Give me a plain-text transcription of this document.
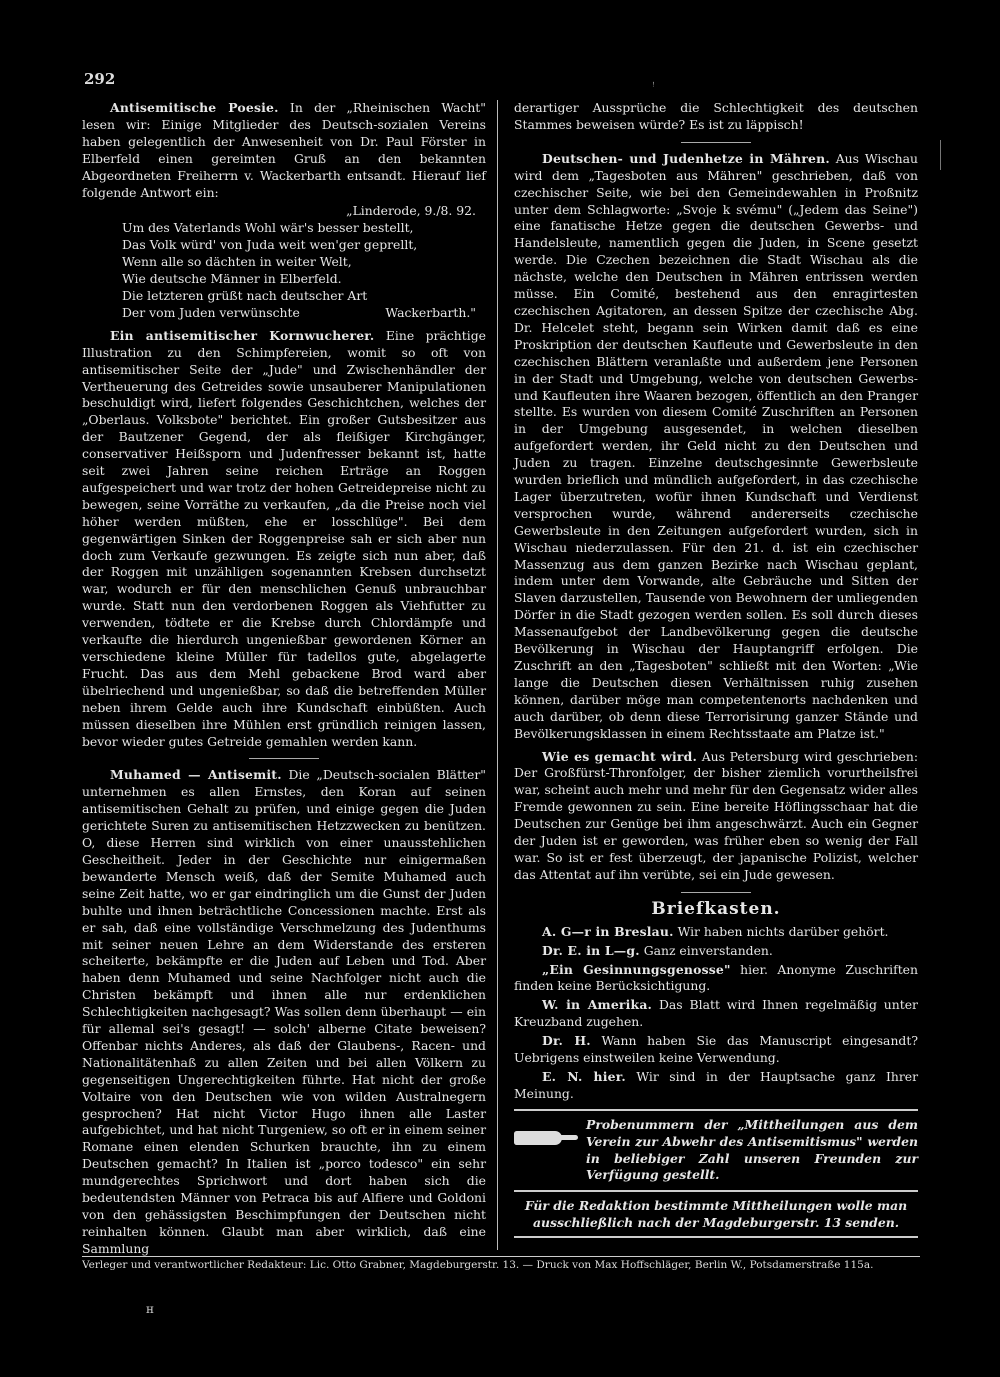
292	ꜝ

Antisemitische Poesie. In der „Rheinischen Wacht" lesen wir: Einige Mitglieder des Deutsch-sozialen Vereins haben gelegentlich der Anwesenheit von Dr. Paul Förster in Elberfeld einen gereimten Gruß an den bekannten Abgeordneten Freiherrn v. Wackerbarth entsandt. Hierauf lief folgende Antwort ein:

„Linderode, 9./8. 92.
Um des Vaterlands Wohl wär's besser bestellt,
Das Volk würd' von Juda weit wen'ger geprellt,
Wenn alle so dächten in weiter Welt,
Wie deutsche Männer in Elberfeld.
Die letzteren grüßt nach deutscher Art
Der vom Juden verwünschte	Wackerbarth."

Ein antisemitischer Kornwucherer. Eine prächtige Illustration zu den Schimpfereien, womit so oft von antisemitischer Seite der „Jude" und Zwischenhändler der Vertheuerung des Getreides sowie unsauberer Manipulationen beschuldigt wird, liefert folgendes Geschichtchen, welches der „Oberlaus. Volksbote" berichtet. Ein großer Gutsbesitzer aus der Bautzener Gegend, der als fleißiger Kirchgänger, conservativer Heißsporn und Judenfresser bekannt ist, hatte seit zwei Jahren seine reichen Erträge an Roggen aufgespeichert und war trotz der hohen Getreidepreise nicht zu bewegen, seine Vorräthe zu verkaufen, „da die Preise noch viel höher werden müßten, ehe er losschlüge". Bei dem gegenwärtigen Sinken der Roggenpreise sah er sich aber nun doch zum Verkaufe gezwungen. Es zeigte sich nun aber, daß der Roggen mit unzähligen sogenannten Krebsen durchsetzt war, wodurch er für den menschlichen Genuß unbrauchbar wurde. Statt nun den verdorbenen Roggen als Viehfutter zu verwenden, tödtete er die Krebse durch Chlordämpfe und verkaufte die hierdurch ungenießbar gewordenen Körner an verschiedene kleine Müller für tadellos gute, abgelagerte Frucht. Das aus dem Mehl gebackene Brod ward aber übelriechend und ungenießbar, so daß die betreffenden Müller neben ihrem Gelde auch ihre Kundschaft einbüßten. Auch müssen dieselben ihre Mühlen erst gründlich reinigen lassen, bevor wieder gutes Getreide gemahlen werden kann.

Muhamed — Antisemit. Die „Deutsch-socialen Blätter" unternehmen es allen Ernstes, den Koran auf seinen antisemitischen Gehalt zu prüfen, und einige gegen die Juden gerichtete Suren zu antisemitischen Hetzzwecken zu benützen. O, diese Herren sind wirklich von einer unausstehlichen Gescheitheit. Jeder in der Geschichte nur einigermaßen bewanderte Mensch weiß, daß der Semite Muhamed auch seine Zeit hatte, wo er gar eindringlich um die Gunst der Juden buhlte und ihnen beträchtliche Concessionen machte. Erst als er sah, daß eine vollständige Verschmelzung des Judenthums mit seiner neuen Lehre an dem Widerstande des ersteren scheiterte, bekämpfte er die Juden auf Leben und Tod. Aber haben denn Muhamed und seine Nachfolger nicht auch die Christen bekämpft und ihnen alle nur erdenklichen Schlechtigkeiten nachgesagt? Was sollen denn überhaupt — ein für allemal sei's gesagt! — solch' alberne Citate beweisen? Offenbar nichts Anderes, als daß der Glaubens-, Racen- und Nationalitätenhaß zu allen Zeiten und bei allen Völkern zu gegenseitigen Ungerechtigkeiten führte. Hat nicht der große Voltaire von den Deutschen wie von wilden Australnegern gesprochen? Hat nicht Victor Hugo ihnen alle Laster aufgebichtet, und hat nicht Turgeniew, so oft er in einem seiner Romane einen elenden Schurken brauchte, ihn zu einem Deutschen gemacht? In Italien ist „porco todesco" ein sehr mundgerechtes Sprichwort und dort haben sich die bedeutendsten Männer von Petraca bis auf Alfiere und Goldoni von den gehässigsten Beschimpfungen der Deutschen nicht reinhalten können. Glaubt man aber wirklich, daß eine Sammlung

derartiger Aussprüche die Schlechtigkeit des deutschen Stammes beweisen würde? Es ist zu läppisch!

Deutschen- und Judenhetze in Mähren. Aus Wischau wird dem „Tagesboten aus Mähren" geschrieben, daß von czechischer Seite, wie bei den Gemeindewahlen in Proßnitz unter dem Schlagworte: „Svoje k svému" („Jedem das Seine") eine fanatische Hetze gegen die deutschen Gewerbs- und Handelsleute, namentlich gegen die Juden, in Scene gesetzt werde. Die Czechen bezeichnen die Stadt Wischau als die nächste, welche den Deutschen in Mähren entrissen werden müsse. Ein Comité, bestehend aus den enragirtesten czechischen Agitatoren, an dessen Spitze der czechische Abg. Dr. Helcelet steht, begann sein Wirken damit daß es eine Proskription der deutschen Kaufleute und Gewerbsleute in den czechischen Blättern veranlaßte und außerdem jene Personen in der Stadt und Umgebung, welche von deutschen Gewerbs- und Kaufleuten ihre Waaren bezogen, öffentlich an den Pranger stellte. Es wurden von diesem Comité Zuschriften an Personen in der Umgebung ausgesendet, in welchen dieselben aufgefordert werden, ihr Geld nicht zu den Deutschen und Juden zu tragen. Einzelne deutschgesinnte Gewerbsleute wurden brieflich und mündlich aufgefordert, in das czechische Lager überzutreten, wofür ihnen Kundschaft und Verdienst versprochen wurde, während andererseits czechische Gewerbsleute in den Zeitungen aufgefordert wurden, sich in Wischau niederzulassen. Für den 21. d. ist ein czechischer Massenzug aus dem ganzen Bezirke nach Wischau geplant, indem unter dem Vorwande, alte Gebräuche und Sitten der Slaven darzustellen, Tausende von Bewohnern der umliegenden Dörfer in die Stadt gezogen werden sollen. Es soll durch dieses Massenaufgebot der Landbevölkerung gegen die deutsche Bevölkerung in Wischau der Hauptangriff erfolgen. Die Zuschrift an den „Tagesboten" schließt mit den Worten: „Wie lange die Deutschen diesen Verhältnissen ruhig zusehen können, darüber möge man competentenorts nachdenken und auch darüber, ob denn diese Terrorisirung ganzer Stände und Bevölkerungsklassen in einem Rechtsstaate am Platze ist."

Wie es gemacht wird. Aus Petersburg wird geschrieben: Der Großfürst-Thronfolger, der bisher ziemlich vorurtheilsfrei war, scheint auch mehr und mehr für den Gegensatz wider alles Fremde gewonnen zu sein. Eine bereite Höflingsschaar hat die Deutschen zur Genüge bei ihm angeschwärzt. Auch ein Gegner der Juden ist er geworden, was früher eben so wenig der Fall war. So ist er fest überzeugt, der japanische Polizist, welcher das Attentat auf ihn verübte, sei ein Jude gewesen.

Briefkasten.

A. G—r in Breslau. Wir haben nichts darüber gehört.

Dr. E. in L—g. Ganz einverstanden.

„Ein Gesinnungsgenosse" hier. Anonyme Zuschriften finden keine Berücksichtigung.

W. in Amerika. Das Blatt wird Ihnen regelmäßig unter Kreuzband zugehen.

Dr. H. Wann haben Sie das Manuscript eingesandt? Uebrigens einstweilen keine Verwendung.

E. N. hier. Wir sind in der Hauptsache ganz Ihrer Meinung.

Probenummern der „Mittheilungen aus dem Verein zur Abwehr des Antisemitismus" werden in beliebiger Zahl unseren Freunden zur Verfügung gestellt.
Für die Redaktion bestimmte Mittheilungen wolle man ausschließlich nach der Magdeburgerstr. 13 senden.
Verleger und verantwortlicher Redakteur: Lic. Otto Grabner, Magdeburgerstr. 13. — Druck von Max Hoffschläger, Berlin W., Potsdamerstraße 115a.
ʜ
